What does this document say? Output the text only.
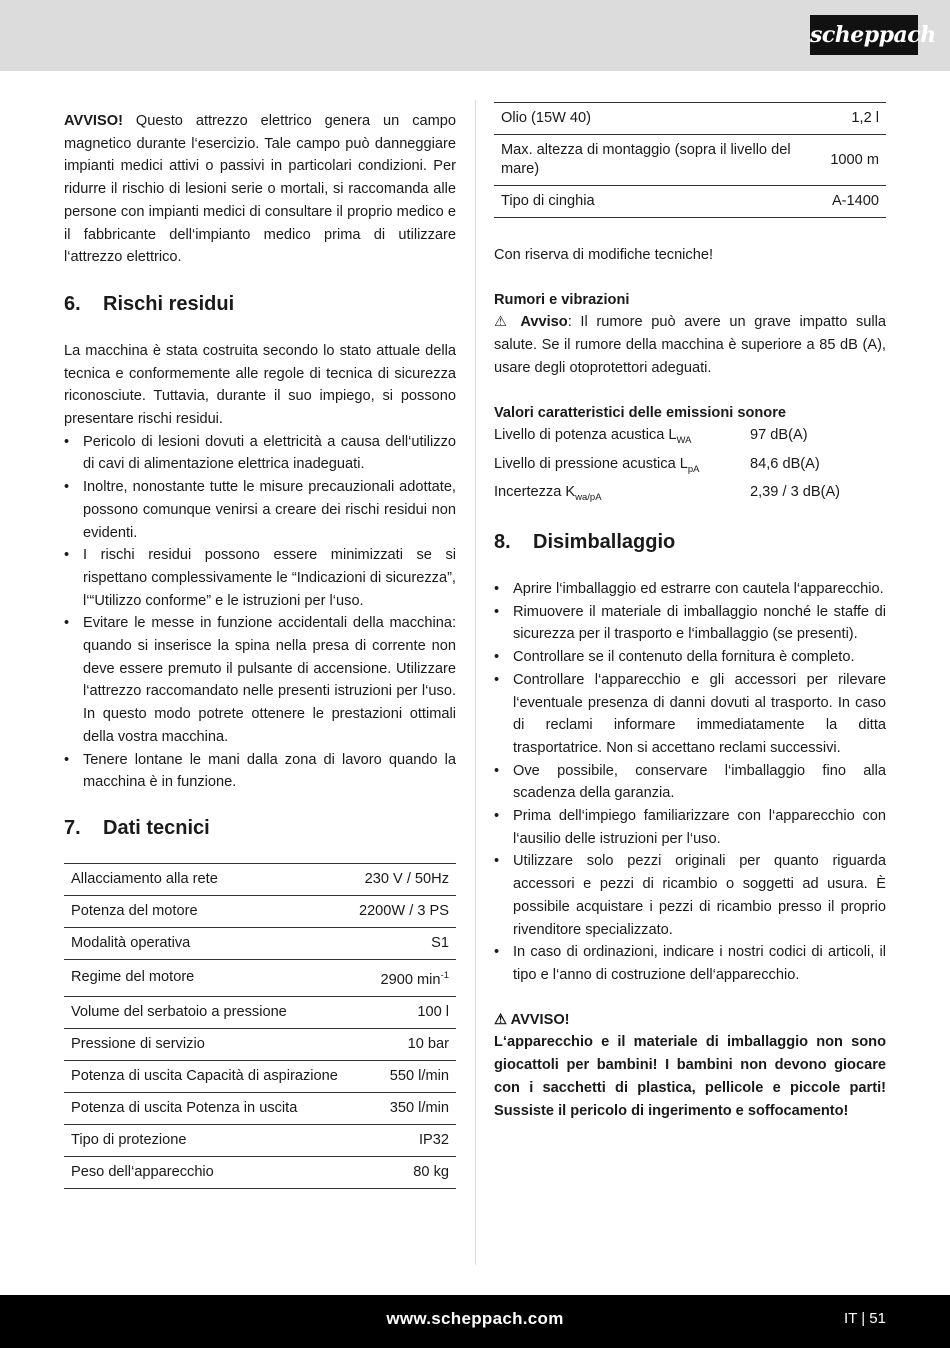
scheppach

AVVISO! Questo attrezzo elettrico genera un campo magnetico durante l‘esercizio. Tale campo può danneggiare impianti medici attivi o passivi in particolari condizioni. Per ridurre il rischio di lesioni serie o mortali, si raccomanda alle persone con impianti medici di consultare il proprio medico e il fabbricante dell‘impianto medico prima di utilizzare l‘attrezzo elettrico.

6.	Rischi residui

La macchina è stata costruita secondo lo stato attuale della tecnica e conformemente alle regole di tecnica di sicurezza riconosciute. Tuttavia, durante il suo impiego, si possono presentare rischi residui.

• Pericolo di lesioni dovuti a elettricità a causa dell‘utilizzo di cavi di alimentazione elettrica inadeguati.
• Inoltre, nonostante tutte le misure precauzionali adottate, possono comunque venirsi a creare dei rischi residui non evidenti.
• I rischi residui possono essere minimizzati se si rispettano complessivamente le “Indicazioni di sicurezza”, l‘“Utilizzo conforme” e le istruzioni per l‘uso.
• Evitare le messe in funzione accidentali della macchina: quando si inserisce la spina nella presa di corrente non deve essere premuto il pulsante di accensione. Utilizzare l‘attrezzo raccomandato nelle presenti istruzioni per l‘uso. In questo modo potrete ottenere le prestazioni ottimali della vostra macchina.
• Tenere lontane le mani dalla zona di lavoro quando la macchina è in funzione.
7.	Dati tecnici
Allacciamento alla rete	230 V / 50Hz
Potenza del motore	2200W / 3 PS
Modalità operativa	S1
Regime del motore	2900 $\min^{-1}$
Volume del serbatoio a pressione	100 l
Pressione di servizio	10 bar
Potenza di uscita Capacità di aspirazione	550 l/min
Potenza di uscita Potenza in uscita	350 l/min
Tipo di protezione	IP32
Peso dell‘apparecchio	80 kg
Olio (15W 40)	1,2 l
Max. altezza di montaggio (sopra il livello del mare)	1000 m
Tipo di cinghia	A-1400

Con riserva di modifiche tecniche!

Rumori e vibrazioni

⚠ Avviso: Il rumore può avere un grave impatto sulla salute. Se il rumore della macchina è superiore a 85 dB (A), usare degli otoprotettori adeguati.

Valori caratteristici delle emissioni sonore

Livello di potenza acustica $L_{WA}$	97 dB(A)
Livello di pressione acustica $L_{pA}$	84,6 dB(A)
Incertezza $K_{wa/pA}$	2,39 / 3 dB(A)
8.	Disimballaggio
• Aprire l‘imballaggio ed estrarre con cautela l‘apparecchio.
• Rimuovere il materiale di imballaggio nonché le staffe di sicurezza per il trasporto e l‘imballaggio (se presenti).
• Controllare se il contenuto della fornitura è completo.
• Controllare l‘apparecchio e gli accessori per rilevare l‘eventuale presenza di danni dovuti al trasporto. In caso di reclami informare immediatamente la ditta trasportatrice. Non si accettano reclami successivi.
• Ove possibile, conservare l‘imballaggio fino alla scadenza della garanzia.
• Prima dell‘impiego familiarizzare con l‘apparecchio con l‘ausilio delle istruzioni per l‘uso.
• Utilizzare solo pezzi originali per quanto riguarda accessori e pezzi di ricambio o soggetti ad usura. È possibile acquistare i pezzi di ricambio presso il proprio rivenditore specializzato.
• In caso di ordinazioni, indicare i nostri codici di articoli, il tipo e l‘anno di costruzione dell‘apparecchio.

⚠ AVVISO!

L‘apparecchio e il materiale di imballaggio non sono giocattoli per bambini! I bambini non devono giocare con i sacchetti di plastica, pellicole e piccole parti! Sussiste il pericolo di ingerimento e soffocamento!

www.scheppach.com	IT | 51
